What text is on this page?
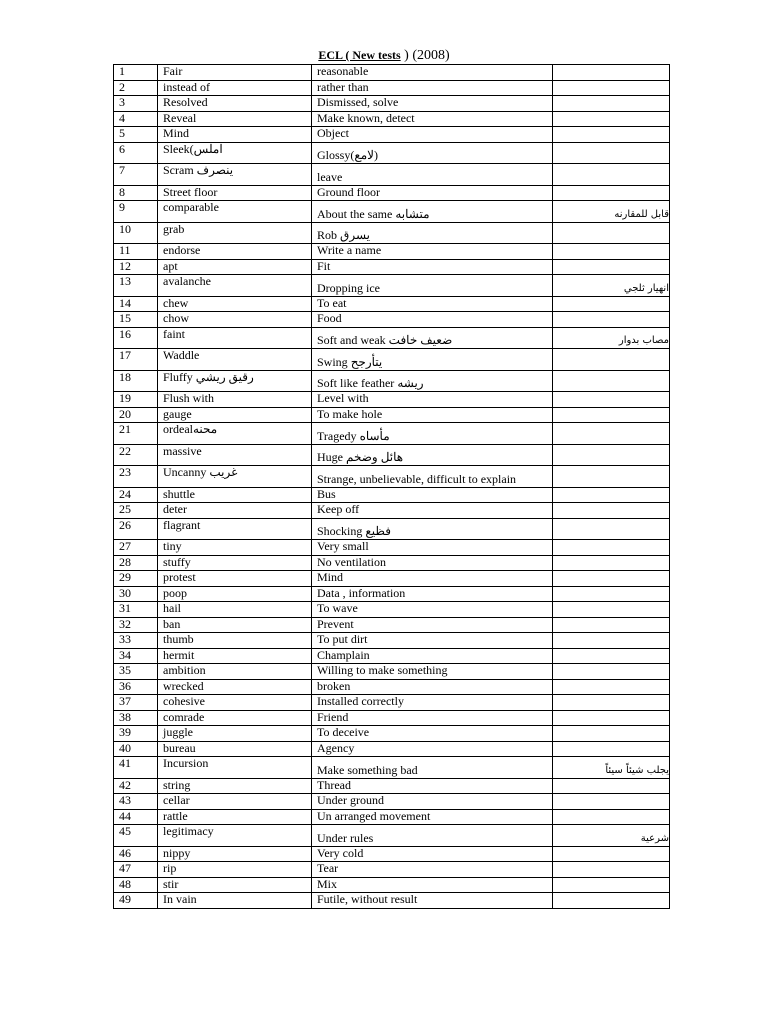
ECL ( New tests ) (2008)
1	Fair	reasonable	
2	instead of	rather than	
3	Resolved	Dismissed, solve	
4	Reveal	Make known, detect	
5	Mind	Object	
6	Sleek(املس	Glossy(لامع)	
7	Scram ينصرف	leave	
8	Street floor	Ground floor	
9	comparable	About the same متشابه	قابل للمقارنه
10	grab	Rob يسرق	
11	endorse	Write a name	
12	apt	Fit	
13	avalanche	Dropping ice	انهيار ثلجي
14	chew	To eat	
15	chow	Food	
16	faint	Soft and weak ضعيف خافت	مصاب بدوار
17	Waddle	Swing يتأرجح	
18	Fluffy رقيق ريشي	Soft like feather ريشه	
19	Flush with	Level with	
20	gauge	To make hole	
21	ordealمحنه	Tragedy مأساه	
22	massive	Huge هائل وضخم	
23	Uncanny غريب	Strange, unbelievable, difficult to explain	
24	shuttle	Bus	
25	deter	Keep off	
26	flagrant	Shocking فظيع	
27	tiny	Very small	
28	stuffy	No ventilation	
29	protest	Mind	
30	poop	Data , information	
31	hail	To wave	
32	ban	Prevent	
33	thumb	To put dirt	
34	hermit	Champlain	
35	ambition	Willing to make something	
36	wrecked	broken	
37	cohesive	Installed correctly	
38	comrade	Friend	
39	juggle	To deceive	
40	bureau	Agency	
41	Incursion	Make something bad	يجلب شيئاً سيئاً
42	string	Thread	
43	cellar	Under ground	
44	rattle	Un arranged movement	
45	legitimacy	Under rules	شرعية
46	nippy	Very cold	
47	rip	Tear	
48	stir	Mix	
49	In vain	Futile, without result	
